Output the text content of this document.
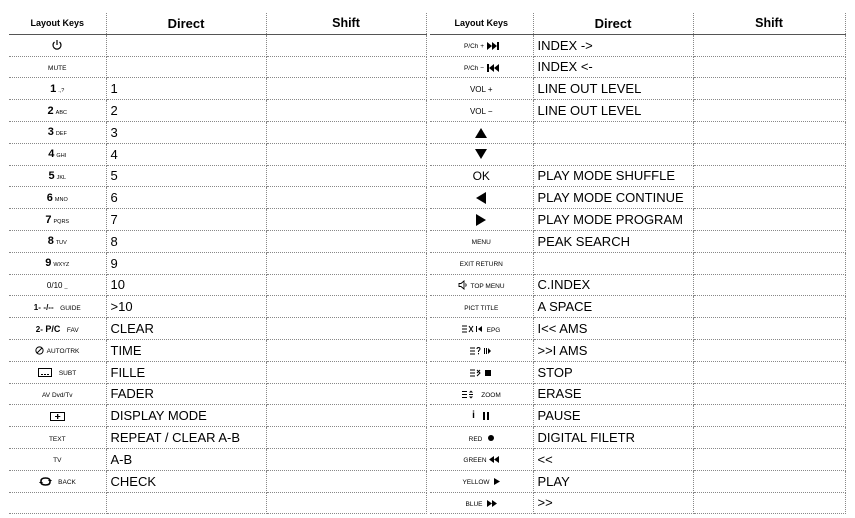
Layout Keys	Direct	Shift		Layout Keys	Direct	Shift
				P/Ch +	INDEX ->	
MUTE				P/Ch −	INDEX <-	
1 .,?	1			VOL +	LINE OUT LEVEL	
2 ABC	2			VOL −	LINE OUT LEVEL	
3 DEF	3					
4 GHI	4					
5 JKL	5			OK	PLAY MODE SHUFFLE	
6 MNO	6				PLAY MODE CONTINUE	
7 PQRS	7				PLAY MODE PROGRAM	
8 TUV	8			MENU	PEAK SEARCH	
9 WXYZ	9			EXIT RETURN		
0/10 _	10			TOP MENU	C.INDEX	
1- -/-- GUIDE	>10			PICT TITLE	A SPACE	
2- P/C FAV	CLEAR			EPG	I<< AMS	
AUTO/TRK	TIME				>>I AMS	
SUBT	FILLE				STOP	
AV Dvd/Tv	FADER			ZOOM	ERASE	
	DISPLAY MODE			i	PAUSE	
TEXT	REPEAT / CLEAR A-B			RED	DIGITAL FILETR	
TV	A-B			GREEN	<<	
BACK	CHECK			YELLOW	PLAY	
				BLUE	>>	
